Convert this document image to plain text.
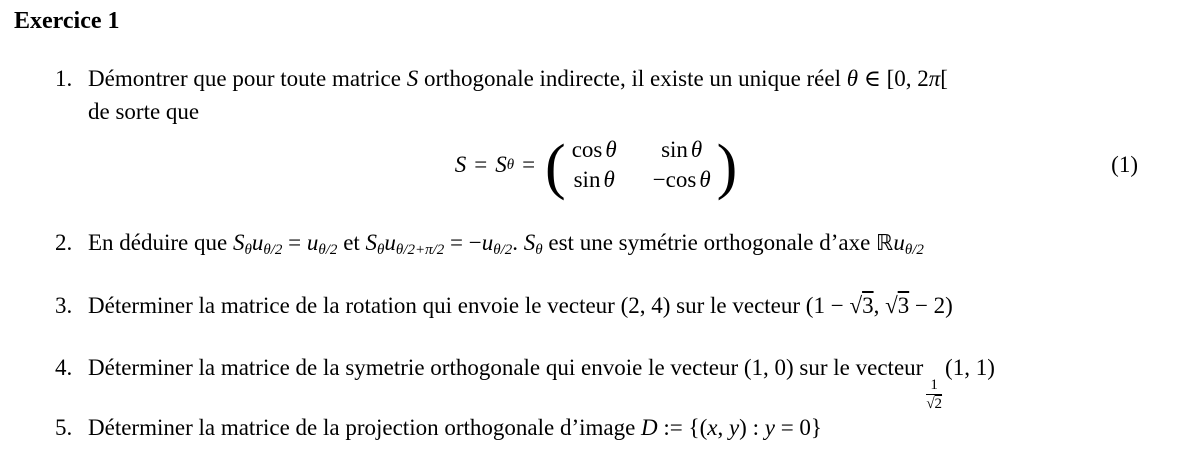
Exercice 1
1. Démontrer que pour toute matrice S orthogonale indirecte, il existe un unique réel θ ∈ [0, 2π[
de sorte que
S = S θ = ( cos θ sin θ
sin θ −cos θ )	(1)
2. En déduire que $S_\theta u_{\theta/2} = u_{\theta/2}$ et $S_\theta u_{\theta/2+\pi/2} = -u_{\theta/2}$. $S_\theta$ est une symétrie orthogonale d’axe ℝu$_{\theta/2}$
3. Déterminer la matrice de la rotation qui envoie le vecteur (2, 4) sur le vecteur (1 − √3, √3 − 2)
4. Déterminer la matrice de la symetrie orthogonale qui envoie le vecteur (1, 0) sur le vecteur
$\frac{1}{√2}$
(1, 1)
5. Déterminer la matrice de la projection orthogonale d’image D := {(x, y) : y = 0}
